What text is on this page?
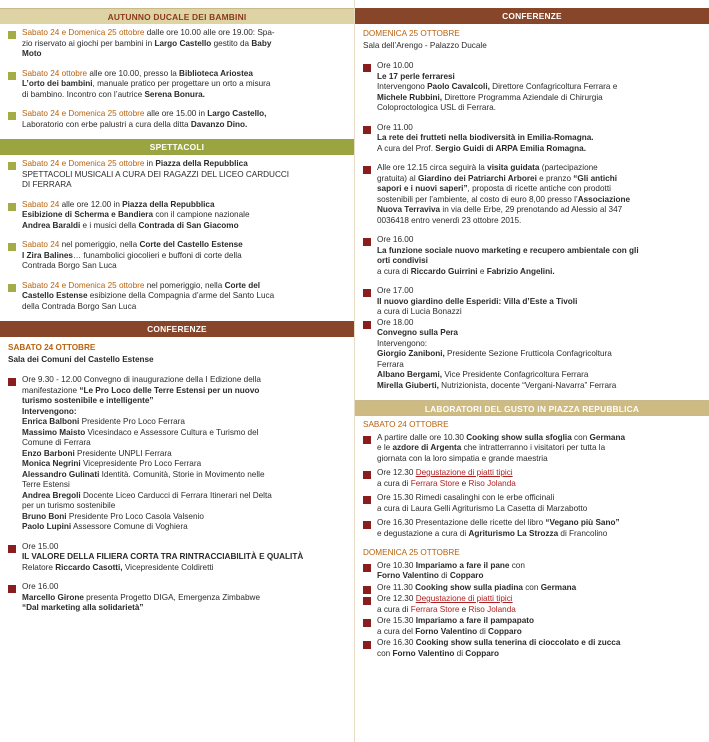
AUTUNNO DUCALE DEI BAMBINI
Sabato 24 e Domenica 25 ottobre dalle ore 10.00 alle ore 19.00: Spa-
zio riservato ai giochi per bambini in Largo Castello gestito da Baby
Moto
Sabato 24 ottobre alle ore 10.00, presso la Biblioteca Ariostea
L’orto dei bambini, manuale pratico per progettare un orto a misura
di bambino. Incontro con l’autrice Serena Bonura.
Sabato 24 e Domenica 25 ottobre alle ore 15.00 in Largo Castello,
Laboratorio con erbe palustri a cura della ditta Davanzo Dino.
SPETTACOLI
Sabato 24 e Domenica 25 ottobre in Piazza della Repubblica
SPETTACOLI MUSICALI A CURA DEI RAGAZZI DEL LICEO CARDUCCI
DI FERRARA
Sabato 24 alle ore 12.00 in Piazza della Repubblica
Esibizione di Scherma e Bandiera con il campione nazionale
Andrea Baraldi e i musici della Contrada di San Giacomo
Sabato 24 nel pomeriggio, nella Corte del Castello Estense
I Zira Balines… funambolici giocolieri e buffoni di corte della
Contrada Borgo San Luca
Sabato 24 e Domenica 25 ottobre nel pomeriggio, nella Corte del
Castello Estense esibizione della Compagnia d’arme del Santo Luca
della Contrada Borgo San Luca
CONFERENZE
SABATO 24 OTTOBRE
Sala dei Comuni del Castello Estense
Ore 9.30 - 12.00 Convegno di inaugurazione della I Edizione della
manifestazione “Le Pro Loco delle Terre Estensi per un nuovo
turismo sostenibile e intelligente”
Intervengono:
Enrica Balboni Presidente Pro Loco Ferrara
Massimo Maisto Vicesindaco e Assessore Cultura e Turismo del
Comune di Ferrara
Enzo Barboni Presidente UNPLI Ferrara
Monica Negrini Vicepresidente Pro Loco Ferrara
Alessandro Gulinati Identità. Comunità, Storie in Movimento nelle
Terre Estensi
Andrea Bregoli Docente Liceo Carducci di Ferrara Itinerari nel Delta
per un turismo sostenibile
Bruno Boni Presidente Pro Loco Casola Valsenio
Paolo Lupini Assessore Comune di Voghiera
Ore 15.00
IL VALORE DELLA FILIERA CORTA TRA RINTRACCIABILITÀ E QUALITÀ
Relatore Riccardo Casotti, Vicepresidente Coldiretti
Ore 16.00
Marcello Girone presenta Progetto DIGA, Emergenza Zimbabwe
“Dal marketing alla solidarietà”
CONFERENZE
DOMENICA 25 OTTOBRE
Sala dell’Arengo - Palazzo Ducale
Ore 10.00
Le 17 perle ferraresi
Intervengono Paolo Cavalcoli, Direttore Confagricoltura Ferrara e
Michele Rubbini, Direttore Programma Aziendale di Chirurgia
Coloproctologica USL di Ferrara.
Ore 11.00
La rete dei frutteti nella biodiversità in Emilia-Romagna.
A cura del Prof. Sergio Guidi di ARPA Emilia Romagna.
Alle ore 12.15 circa seguirà la visita guidata (partecipazione
gratuita) al Giardino dei Patriarchi Arborei e pranzo “Gli antichi
sapori e i nuovi saperi”, proposta di ricette antiche con prodotti
sostenibili per l’ambiente, al costo di euro 8,00 presso l’Associazione
Nuova Terraviva in via delle Erbe, 29 prenotando ad Alessio al 347
0036418 entro venerdì 23 ottobre 2015.
Ore 16.00
La funzione sociale nuovo marketing e recupero ambientale con gli
orti condivisi
a cura di Riccardo Guirrini e Fabrizio Angelini.
Ore 17.00
Il nuovo giardino delle Esperidi: Villa d’Este a Tivoli
a cura di Lucia Bonazzi
Ore 18.00
Convegno sulla Pera
Intervengono:
Giorgio Zaniboni, Presidente Sezione Frutticola Confagricoltura
Ferrara
Albano Bergami, Vice Presidente Confagricoltura Ferrara
Mirella Giuberti, Nutrizionista, docente “Vergani-Navarra” Ferrara
LABORATORI DEL GUSTO IN PIAZZA REPUBBLICA
SABATO 24 OTTOBRE
A partire dalle ore 10.30 Cooking show sulla sfoglia con Germana
e le azdore di Argenta che intratterranno i visitatori per tutta la
giornata con la loro simpatia e grande maestria
Ore 12.30 Degustazione di piatti tipici
a cura di Ferrara Store e Riso Jolanda
Ore 15.30 Rimedi casalinghi con le erbe officinali
a cura di Laura Gelli Agriturismo La Casetta di Marzabotto
Ore 16.30 Presentazione delle ricette del libro “Vegano più Sano”
e degustazione a cura di Agriturismo La Strozza di Francolino
DOMENICA 25 OTTOBRE
Ore 10.30 Impariamo a fare il pane con
Forno Valentino di Copparo
Ore 11.30 Cooking show sulla piadina con Germana
Ore 12.30 Degustazione di piatti tipici
a cura di Ferrara Store e Riso Jolanda
Ore 15.30 Impariamo a fare il pampapato
a cura del Forno Valentino di Copparo
Ore 16.30 Cooking show sulla tenerina di cioccolato e di zucca
con Forno Valentino di Copparo
